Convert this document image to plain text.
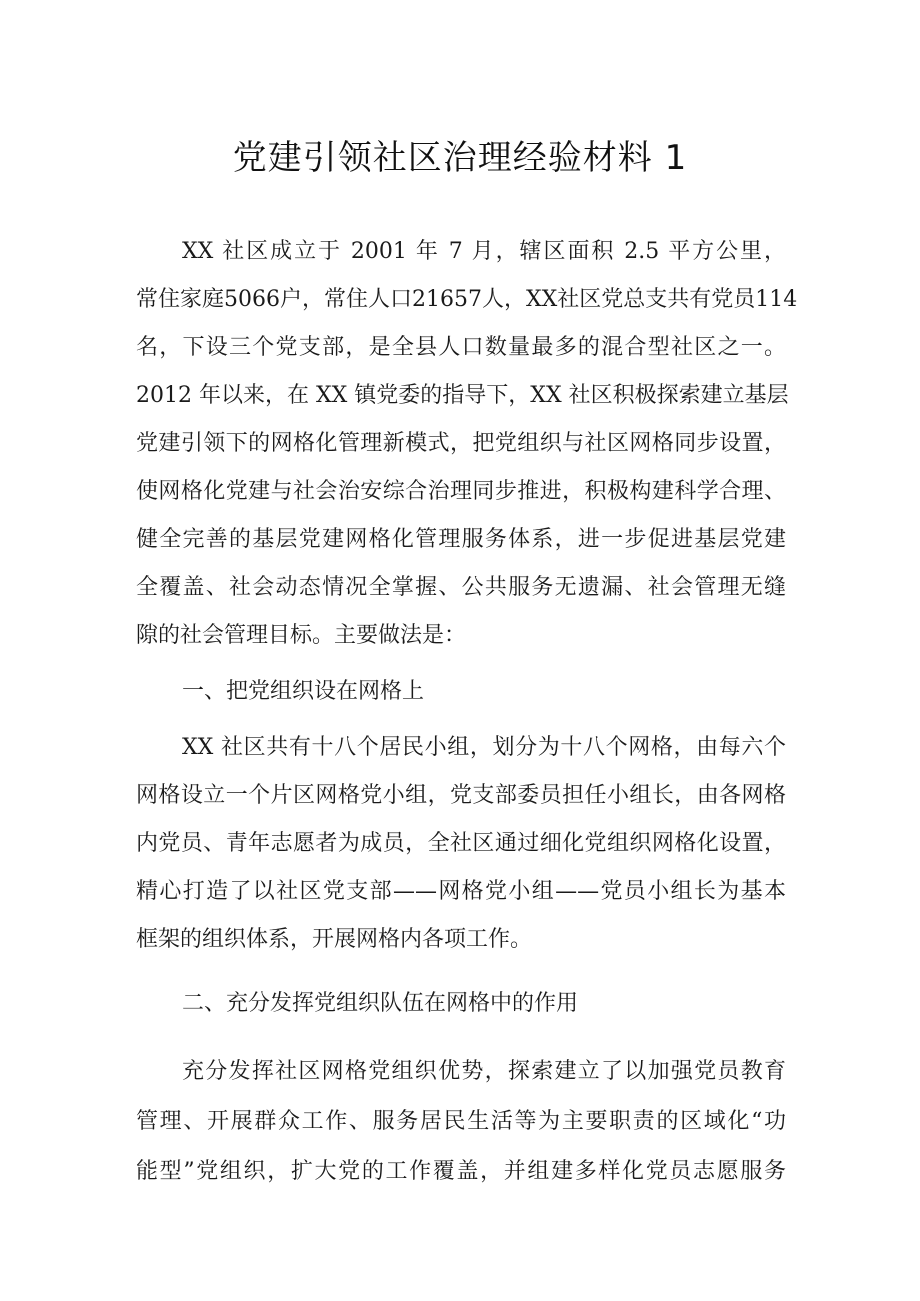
党建引领社区治理经验材料 1

XX 社区成立于 2001 年 7 月，辖区面积 2.5 平方公里，

常住家庭5066户，常住人口21657人，XX社区党总支共有党员114

名，下设三个党支部，是全县人口数量最多的混合型社区之一。

2012 年以来，在 XX 镇党委的指导下，XX 社区积极探索建立基层

党建引领下的网格化管理新模式，把党组织与社区网格同步设置，

使网格化党建与社会治安综合治理同步推进，积极构建科学合理、

健全完善的基层党建网格化管理服务体系，进一步促进基层党建

全覆盖、社会动态情况全掌握、公共服务无遗漏、社会管理无缝

隙的社会管理目标。主要做法是：

一、把党组织设在网格上

XX 社区共有十八个居民小组，划分为十八个网格，由每六个

网格设立一个片区网格党小组，党支部委员担任小组长，由各网格

内党员、青年志愿者为成员，全社区通过细化党组织网格化设置，

精心打造了以社区党支部——网格党小组——党员小组长为基本

框架的组织体系，开展网格内各项工作。

二、充分发挥党组织队伍在网格中的作用

充分发挥社区网格党组织优势，探索建立了以加强党员教育

管理、开展群众工作、服务居民生活等为主要职责的区域化“功

能型”党组织，扩大党的工作覆盖，并组建多样化党员志愿服务
